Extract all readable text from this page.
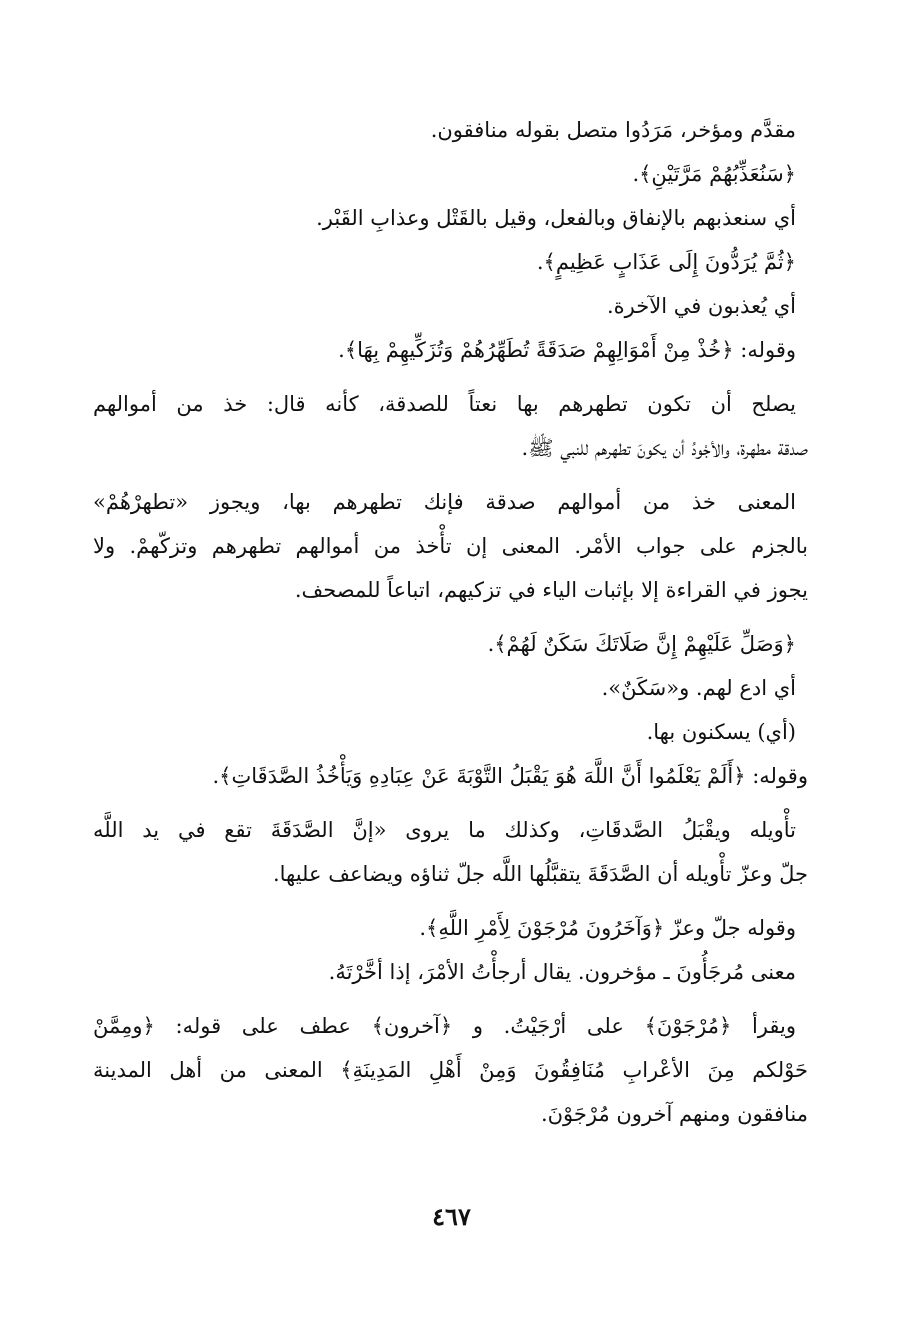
مقدَّم ومؤخر، مَرَدُوا متصل بقوله منافقون.
﴿سَنُعَذِّبُهُمْ مَرَّتَيْنِ﴾.
أي سنعذبهم بالإنفاق وبالفعل، وقيل بالقَتْل وعذابِ القَبْر.
﴿ثُمَّ يُرَدُّونَ إِلَى عَذَابٍ عَظِيمٍ﴾.
أي يُعذبون في الآخرة.
وقوله: ﴿خُذْ مِنْ أَمْوَالِهِمْ صَدَقَةً تُطَهِّرُهُمْ وَتُزَكِّيهِمْ بِهَا﴾.
يصلح أن تكون تطهرهم بها نعتاً للصدقة، كأنه قال: خذ من أموالهم
صدقة مطهرة، والأجْودُ أن يكونَ تطهرهم للنبي ﷺ.
المعنى خذ من أموالهم صدقة فإنك تطهرهم بها، ويجوز «تطهرْهُمْ»
بالجزم على جواب الأمْر. المعنى إن تأْخذ من أموالهم تطهرهم وتزكّهمْ. ولا
يجوز في القراءة إلا بإثبات الياء في تزكيهم، اتباعاً للمصحف.
﴿وَصَلِّ عَلَيْهِمْ إِنَّ صَلَاتَكَ سَكَنٌ لَهُمْ﴾.
أي ادع لهم. و«سَكَنٌ».
(أي) يسكنون بها.
وقوله: ﴿أَلَمْ يَعْلَمُوا أَنَّ اللَّهَ هُوَ يَقْبَلُ التَّوْبَةَ عَنْ عِبَادِهِ وَيَأْخُذُ الصَّدَقَاتِ﴾.
تأْويله ويقْبَلُ الصَّدقَاتِ، وكذلك ما يروى «إنَّ الصَّدَقَةَ تقع في يد اللَّه
جلّ وعزّ تأْويله أن الصَّدَقَةَ يتقبَّلُها اللَّه جلّ ثناؤه ويضاعف عليها.
وقوله جلّ وعزّ ﴿وَآخَرُونَ مُرْجَوْنَ لِأَمْرِ اللَّهِ﴾.
معنى مُرجَأُونَ ـ مؤخرون. يقال أرجأْتُ الأمْرَ، إذا أخَّرْتَهُ.
ويقرأ ﴿مُرْجَوْنَ﴾ على أرْجَيْتُ. و ﴿آخرون﴾ عطف على قوله: ﴿ومِمَّنْ
حَوْلكم مِنَ الأعْرابِ مُنَافِقُونَ وَمِنْ أَهْلِ المَدِينَةِ﴾ المعنى من أهل المدينة
منافقون ومنهم آخرون مُرْجَوْنَ.
٤٦٧
